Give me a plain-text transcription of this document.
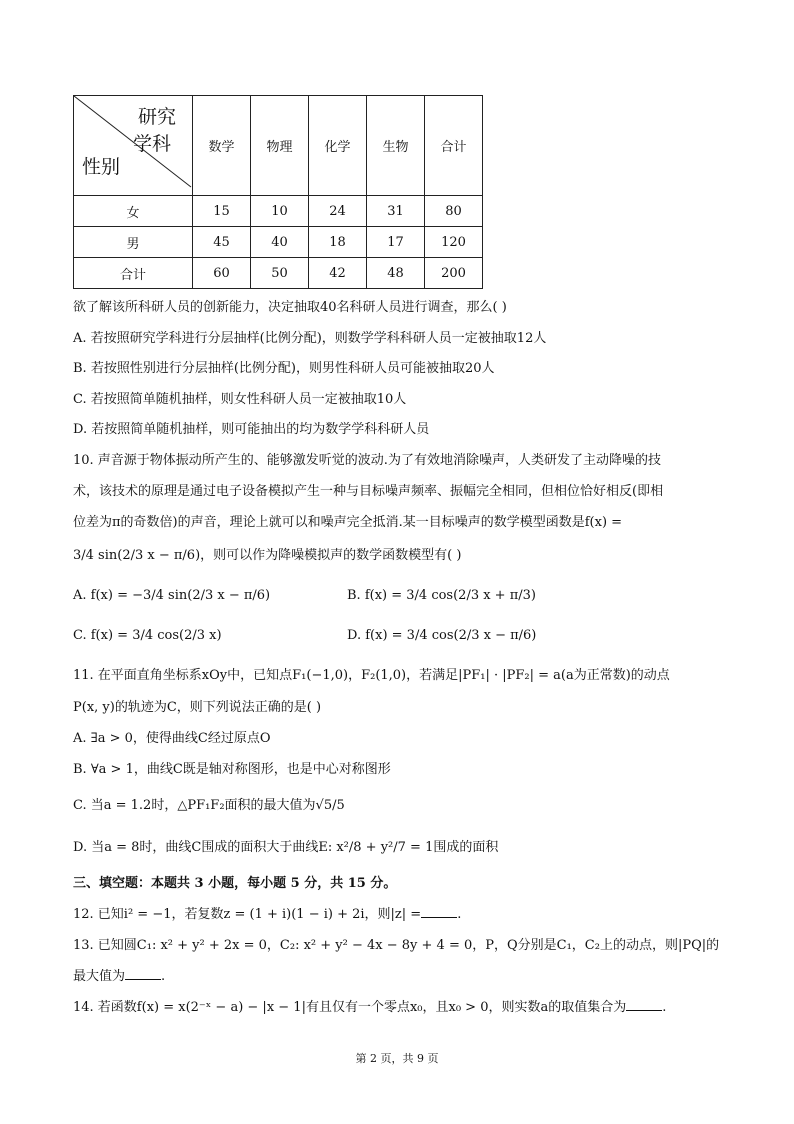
研究
学科
性别	数学	物理	化学	生物	合计
女	15	10	24	31	80
男	45	40	18	17	120
合计	60	50	42	48	200
欲了解该所科研人员的创新能力，决定抽取40名科研人员进行调查，那么( )
A. 若按照研究学科进行分层抽样(比例分配)，则数学学科科研人员一定被抽取12人
B. 若按照性别进行分层抽样(比例分配)，则男性科研人员可能被抽取20人
C. 若按照简单随机抽样，则女性科研人员一定被抽取10人
D. 若按照简单随机抽样，则可能抽出的均为数学学科科研人员
10. 声音源于物体振动所产生的、能够激发听觉的波动.为了有效地消除噪声，人类研发了主动降噪的技
术，该技术的原理是通过电子设备模拟产生一种与目标噪声频率、振幅完全相同，但相位恰好相反(即相
位差为π的奇数倍)的声音，理论上就可以和噪声完全抵消.某一目标噪声的数学模型函数是f(x) =
3/4 sin(2/3 x − π/6)，则可以作为降噪模拟声的数学函数模型有( )
A. f(x) = −3/4 sin(2/3 x − π/6)	B. f(x) = 3/4 cos(2/3 x + π/3)
C. f(x) = 3/4 cos(2/3 x)	D. f(x) = 3/4 cos(2/3 x − π/6)
11. 在平面直角坐标系xOy中，已知点F₁(−1,0)，F₂(1,0)，若满足|PF₁| · |PF₂| = a(a为正常数)的动点
P(x, y)的轨迹为C，则下列说法正确的是( )
A. ∃a > 0，使得曲线C经过原点O
B. ∀a > 1，曲线C既是轴对称图形，也是中心对称图形
C. 当a = 1.2时，△PF₁F₂面积的最大值为√5/5
D. 当a = 8时，曲线C围成的面积大于曲线E: x²/8 + y²/7 = 1围成的面积
三、填空题：本题共 3 小题，每小题 5 分，共 15 分。
12. 已知i² = −1，若复数z = (1 + i)(1 − i) + 2i，则|z| =	.
13. 已知圆C₁: x² + y² + 2x = 0，C₂: x² + y² − 4x − 8y + 4 = 0，P，Q分别是C₁，C₂上的动点，则|PQ|的
最大值为	.
14. 若函数f(x) = x(2⁻ˣ − a) − |x − 1|有且仅有一个零点x₀，且x₀ > 0，则实数a的取值集合为	.
第 2 页，共 9 页
